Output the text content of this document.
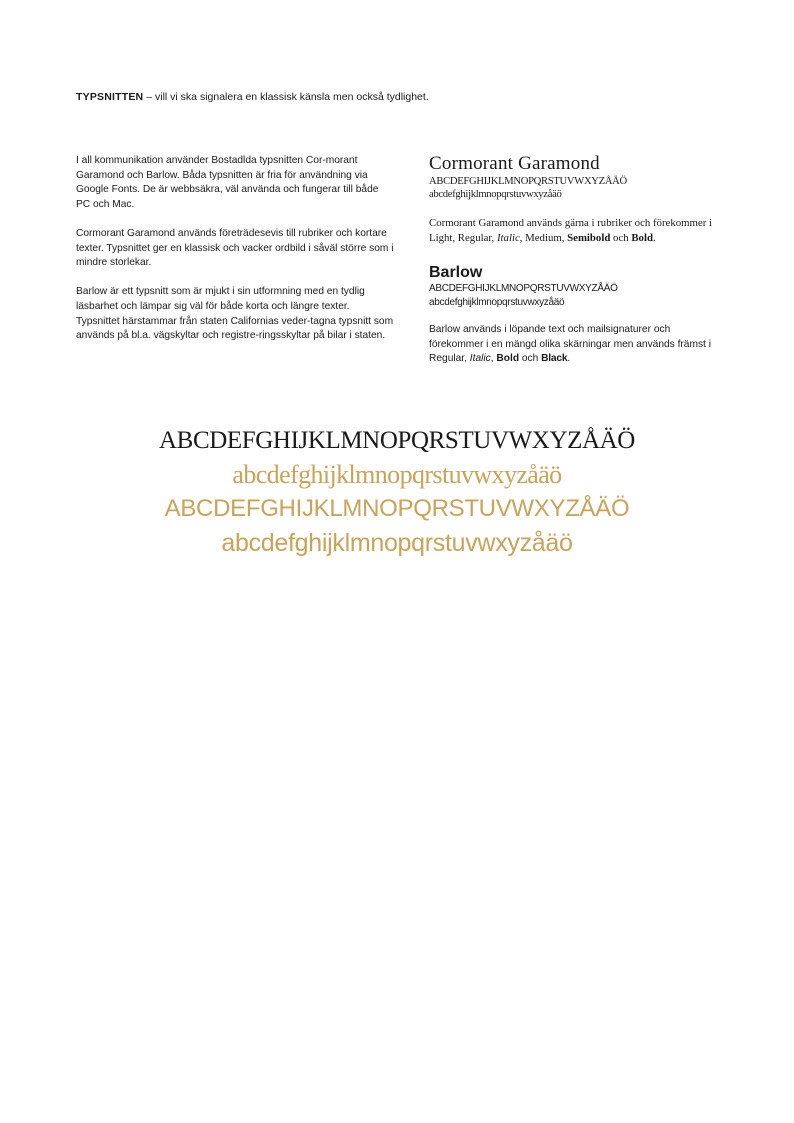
TYPSNITTEN – vill vi ska signalera en klassisk känsla men också tydlighet.

I all kommunikation använder Bostadlda typsnitten Cor-morant Garamond och Barlow. Båda typsnitten är fria för användning via Google Fonts. De är webbsäkra, väl använda och fungerar till både PC och Mac.

Cormorant Garamond används företrädesevis till rubriker och kortare texter. Typsnittet ger en klassisk och vacker ordbild i såväl större som i mindre storlekar.

Barlow är ett typsnitt som är mjukt i sin utformning med en tydlig läsbarhet och lämpar sig väl för både korta och längre texter. Typsnittet härstammar från staten Californias veder-tagna typsnitt som används på bl.a. vägskyltar och registre-ringsskyltar på bilar i staten.

Cormorant Garamond
ABCDEFGHIJKLMNOPQRSTUVWXYZÅÄÖ
abcdefghijklmnopqrstuvwxyzåäö
Cormorant Garamond används gärna i rubriker och förekommer i Light, Regular, Italic, Medium, Semibold och Bold.
Barlow
ABCDEFGHIJKLMNOPQRSTUVWXYZÅÄÖ
abcdefghijklmnopqrstuvwxyzåäö
Barlow används i löpande text och mailsignaturer och förekommer i en mängd olika skärningar men används främst i Regular, Italic, Bold och Black.
ABCDEFGHIJKLMNOPQRSTUVWXYZÅÄÖ
abcdefghijklmnopqrstuvwxyzåäö
ABCDEFGHIJKLMNOPQRSTUVWXYZÅÄÖ
abcdefghijklmnopqrstuvwxyzåäö
